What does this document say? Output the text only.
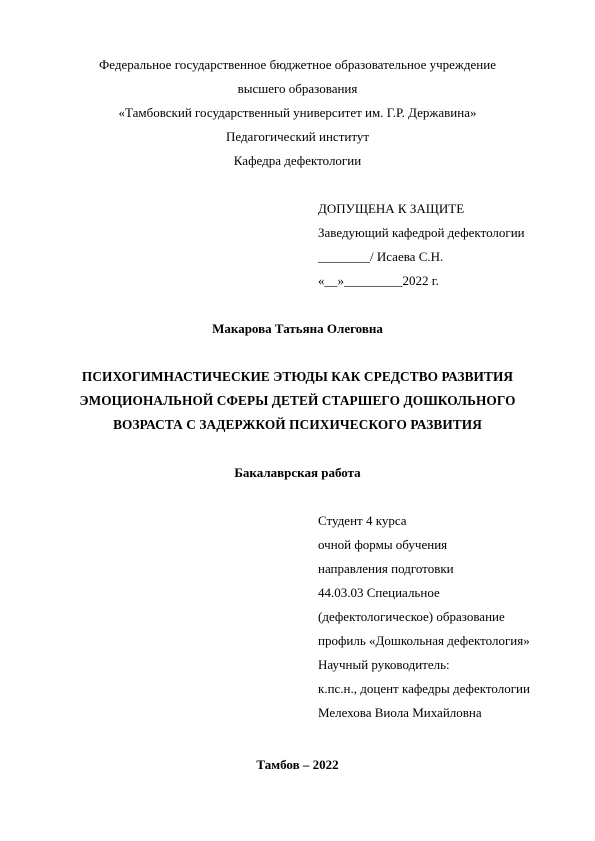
Федеральное государственное бюджетное образовательное учреждение
высшего образования
«Тамбовский государственный университет им. Г.Р. Державина»
Педагогический институт
Кафедра дефектологии
ДОПУЩЕНА К ЗАЩИТЕ
Заведующий кафедрой дефектологии
________/ Исаева С.Н.
«__»_________2022 г.
Макарова Татьяна Олеговна
ПСИХОГИМНАСТИЧЕСКИЕ ЭТЮДЫ КАК СРЕДСТВО РАЗВИТИЯ
ЭМОЦИОНАЛЬНОЙ СФЕРЫ ДЕТЕЙ СТАРШЕГО ДОШКОЛЬНОГО
ВОЗРАСТА С ЗАДЕРЖКОЙ ПСИХИЧЕСКОГО РАЗВИТИЯ
Бакалаврская работа
Студент 4 курса
очной формы обучения
направления подготовки
44.03.03 Специальное
(дефектологическое) образование
профиль «Дошкольная дефектология»
Научный руководитель:
к.пс.н., доцент кафедры дефектологии
Мелехова Виола Михайловна
Тамбов – 2022
